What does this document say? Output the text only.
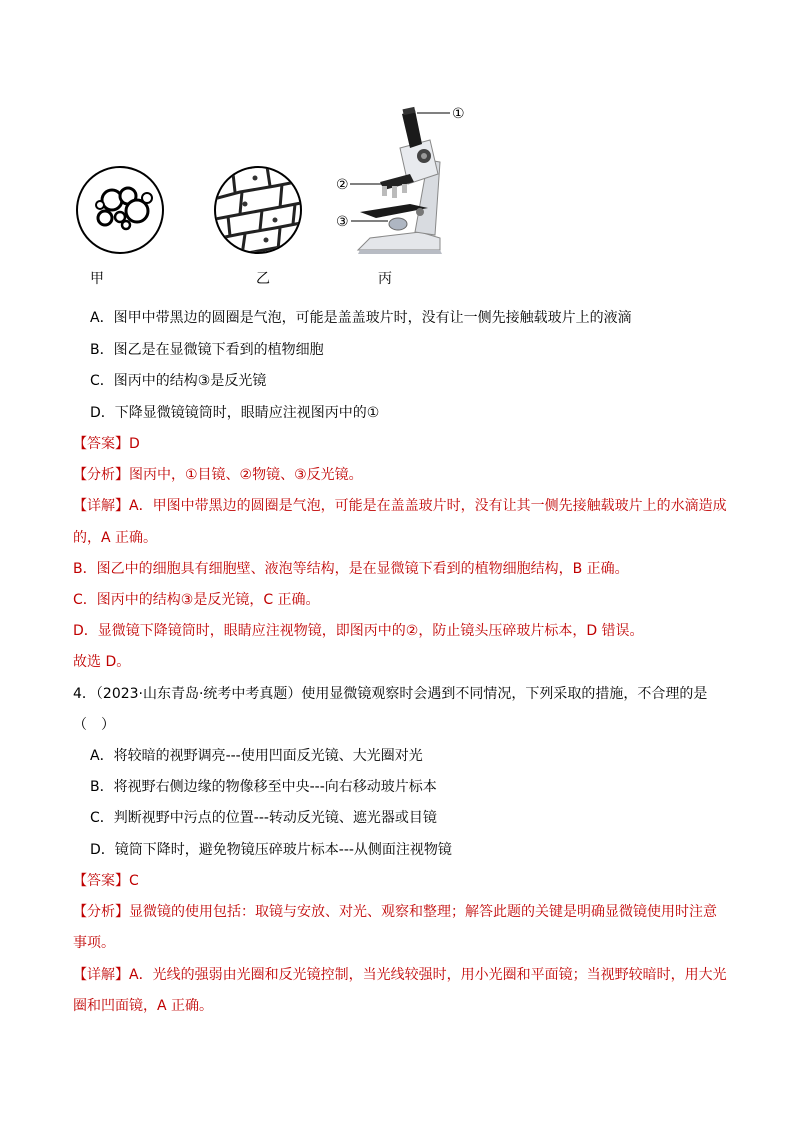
①
②
③
甲	乙	丙
A．图甲中带黑边的圆圈是气泡，可能是盖盖玻片时，没有让一侧先接触载玻片上的液滴
B．图乙是在显微镜下看到的植物细胞
C．图丙中的结构③是反光镜
D．下降显微镜镜筒时，眼睛应注视图丙中的①
【答案】D
【分析】图丙中，①目镜、②物镜、③反光镜。
【详解】A．甲图中带黑边的圆圈是气泡，可能是在盖盖玻片时，没有让其一侧先接触载玻片上的水滴造成
的，A 正确。
B．图乙中的细胞具有细胞壁、液泡等结构，是在显微镜下看到的植物细胞结构，B 正确。
C．图丙中的结构③是反光镜，C 正确。
D．显微镜下降镜筒时，眼睛应注视物镜，即图丙中的②，防止镜头压碎玻片标本，D 错误。
故选 D。
4．（2023·山东青岛·统考中考真题）使用显微镜观察时会遇到不同情况，下列采取的措施，不合理的是
（　）
A．将较暗的视野调亮---使用凹面反光镜、大光圈对光
B．将视野右侧边缘的物像移至中央---向右移动玻片标本
C．判断视野中污点的位置---转动反光镜、遮光器或目镜
D．镜筒下降时，避免物镜压碎玻片标本---从侧面注视物镜
【答案】C
【分析】显微镜的使用包括：取镜与安放、对光、观察和整理；解答此题的关键是明确显微镜使用时注意
事项。
【详解】A．光线的强弱由光圈和反光镜控制，当光线较强时，用小光圈和平面镜；当视野较暗时，用大光
圈和凹面镜，A 正确。
